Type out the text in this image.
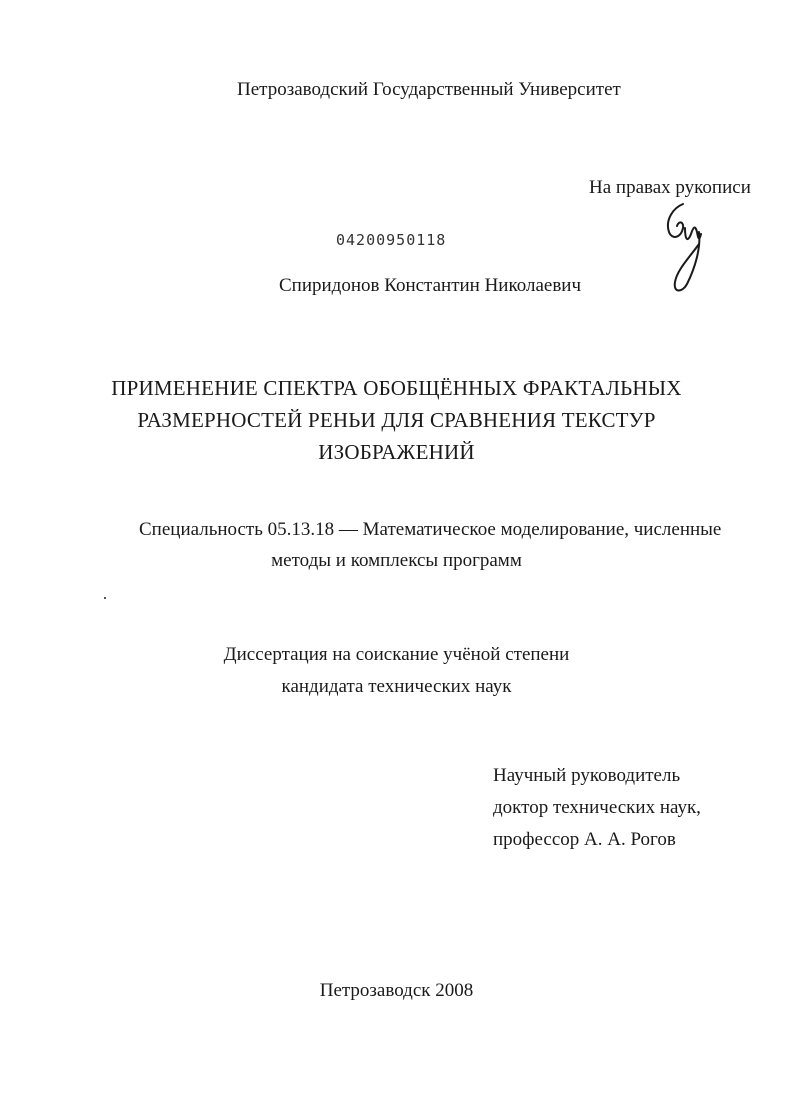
Петрозаводский Государственный Университет
На правах рукописи
04200950118
Спиридонов Константин Николаевич
ПРИМЕНЕНИЕ СПЕКТРА ОБОБЩЁННЫХ ФРАКТАЛЬНЫХ
РАЗМЕРНОСТЕЙ РЕНЬИ ДЛЯ СРАВНЕНИЯ ТЕКСТУР
ИЗОБРАЖЕНИЙ
Специальность 05.13.18 — Математическое моделирование, численные
методы и комплексы программ
Диссертация на соискание учёной степени
кандидата технических наук
Научный руководитель
доктор технических наук,
профессор А. А. Рогов
Петрозаводск 2008
